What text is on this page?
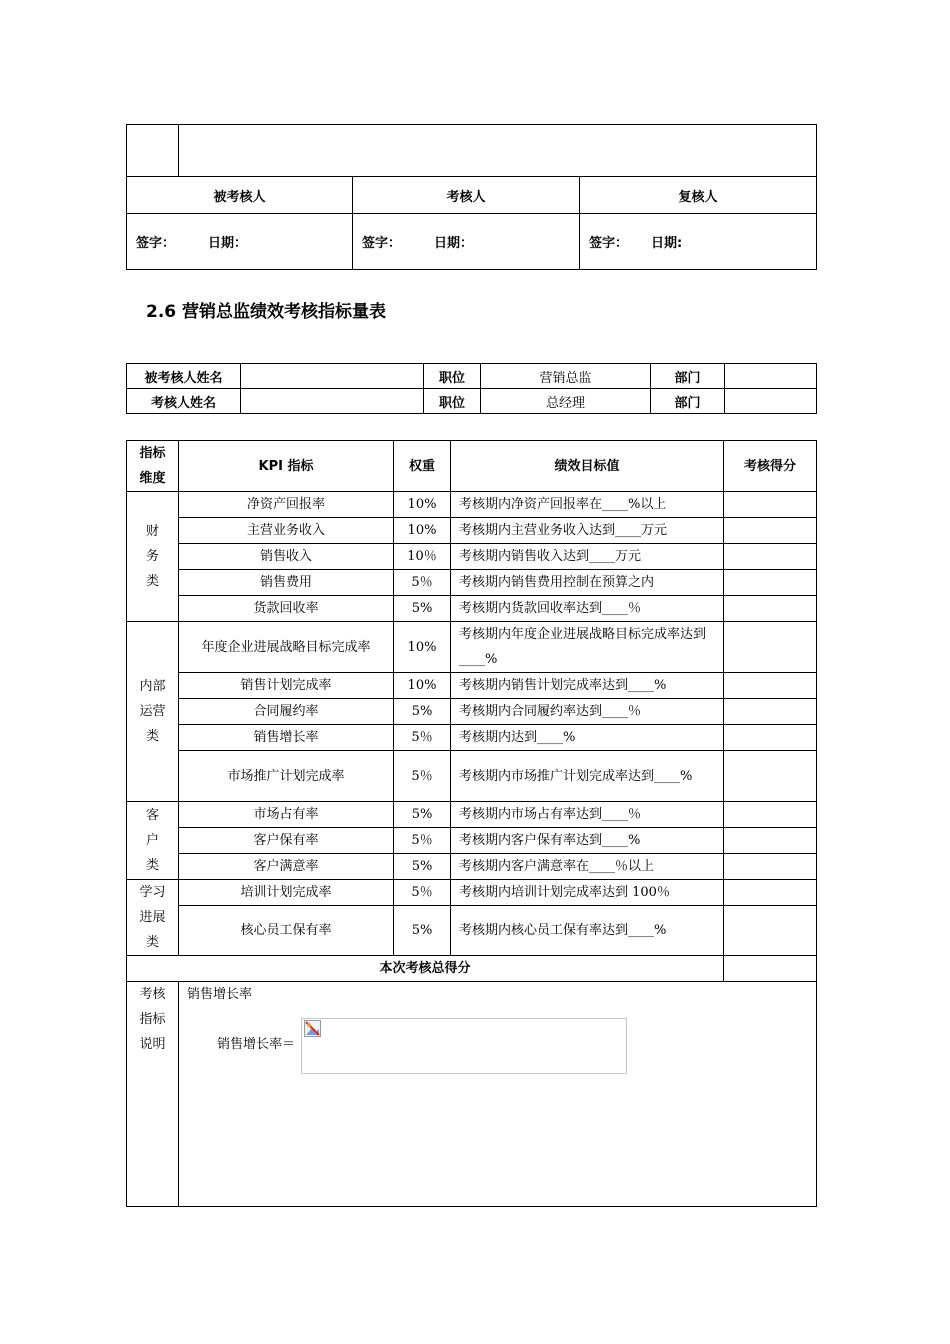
被考核人		考核人	复核人
签字： 日期：		签字： 日期：	签字： 日期:
2.6 营销总监绩效考核指标量表
被考核人姓名		职位	营销总监	部门	
考核人姓名		职位	总经理	部门	
指标维度	KPI 指标	权重	绩效目标值	考核得分
财务类	净资产回报率	10%	考核期内净资产回报率在____%以上	
	主营业务收入	10%	考核期内主营业务收入达到____万元	
	销售收入	10％	考核期内销售收入达到____万元	
	销售费用	5％	考核期内销售费用控制在预算之内	
	货款回收率	5%	考核期内货款回收率达到____％	
内部运营类	年度企业进展战略目标完成率	10%	考核期内年度企业进展战略目标完成率达到____%	
	销售计划完成率	10%	考核期内销售计划完成率达到____%	
	合同履约率	5%	考核期内合同履约率达到____％	
	销售增长率	5％	考核期内达到____%	
	市场推广计划完成率	5％	考核期内市场推广计划完成率达到____%	
客户类	市场占有率	5%	考核期内市场占有率达到____％	
	客户保有率	5％	考核期内客户保有率达到____%	
	客户满意率	5%	考核期内客户满意率在____％以上	
学习进展类	培训计划完成率	5％	考核期内培训计划完成率达到 100％	
	核心员工保有率	5%	考核期内核心员工保有率达到____%	
本次考核总得分				
考核指标说明	销售增长率
销售增长率＝			
